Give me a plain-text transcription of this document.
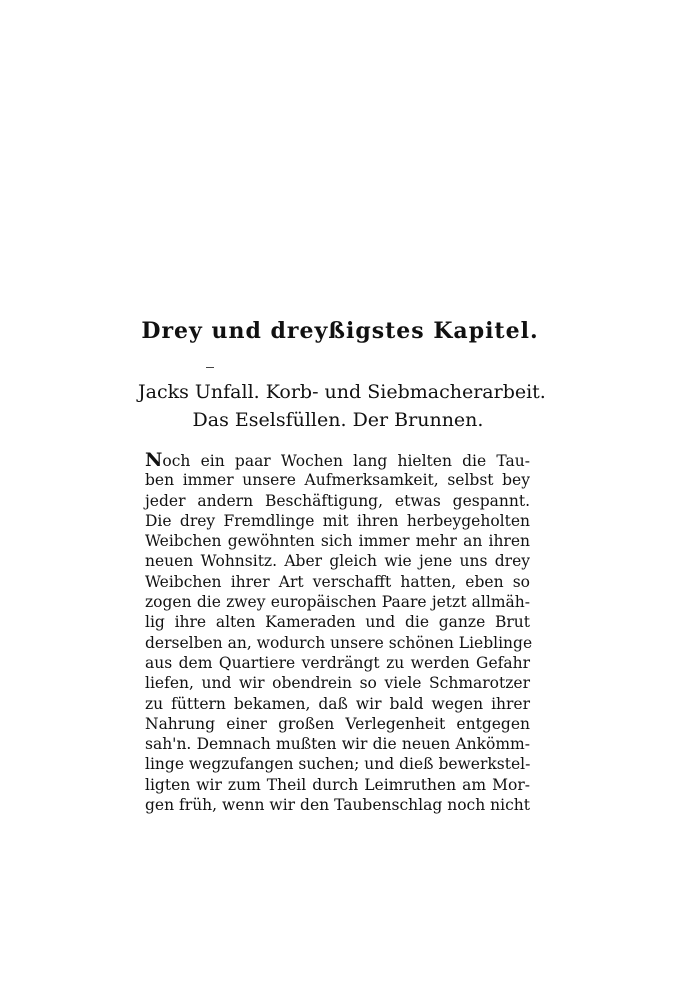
Drey und dreyßigstes Kapitel.
Jacks Unfall. Korb- und Siebmacherarbeit.
Das Eselsfüllen. Der Brunnen.
Noch ein paar Wochen lang hielten die Tau-
ben immer unsere Aufmerksamkeit, selbst bey
jeder andern Beschäftigung, etwas gespannt.
Die drey Fremdlinge mit ihren herbeygeholten
Weibchen gewöhnten sich immer mehr an ihren
neuen Wohnsitz. Aber gleich wie jene uns drey
Weibchen ihrer Art verschafft hatten, eben so
zogen die zwey europäischen Paare jetzt allmäh-
lig ihre alten Kameraden und die ganze Brut
derselben an, wodurch unsere schönen Lieblinge
aus dem Quartiere verdrängt zu werden Gefahr
liefen, und wir obendrein so viele Schmarotzer
zu füttern bekamen, daß wir bald wegen ihrer
Nahrung einer großen Verlegenheit entgegen
sah'n. Demnach mußten wir die neuen Ankömm-
linge wegzufangen suchen; und dieß bewerkstel-
ligten wir zum Theil durch Leimruthen am Mor-
gen früh, wenn wir den Taubenschlag noch nicht
